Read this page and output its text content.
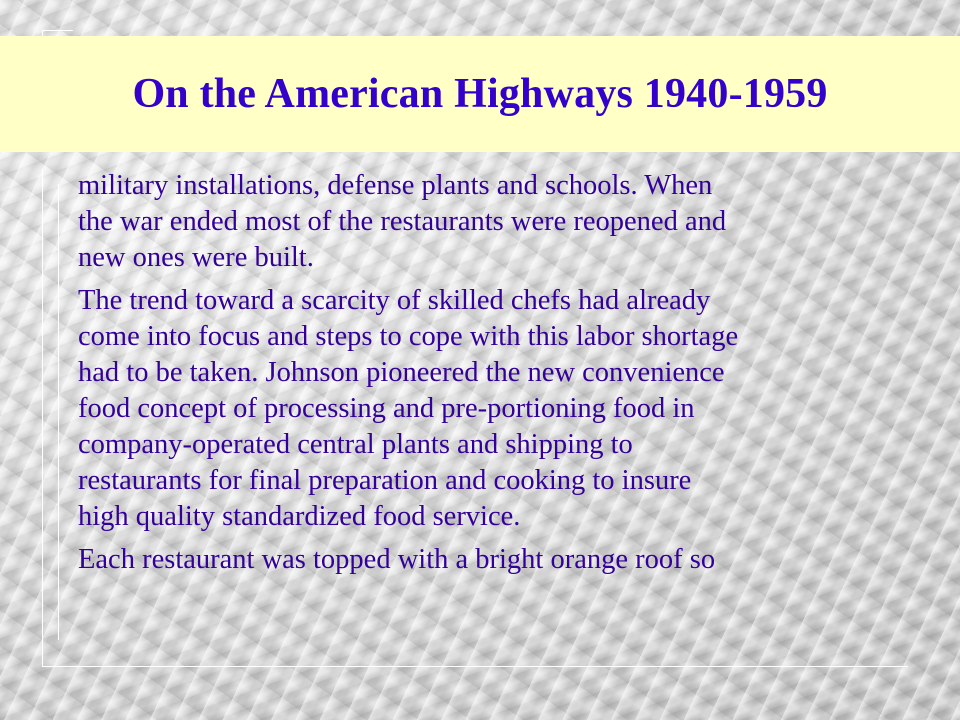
On the American Highways 1940-1959

military installations, defense plants and schools. When
the war ended most of the restaurants were reopened and
new ones were built.

The trend toward a scarcity of skilled chefs had already
come into focus and steps to cope with this labor shortage
had to be taken. Johnson pioneered the new convenience
food concept of processing and pre-portioning food in
company-operated central plants and shipping to
restaurants for final preparation and cooking to insure
high quality standardized food service.

Each restaurant was topped with a bright orange roof so
